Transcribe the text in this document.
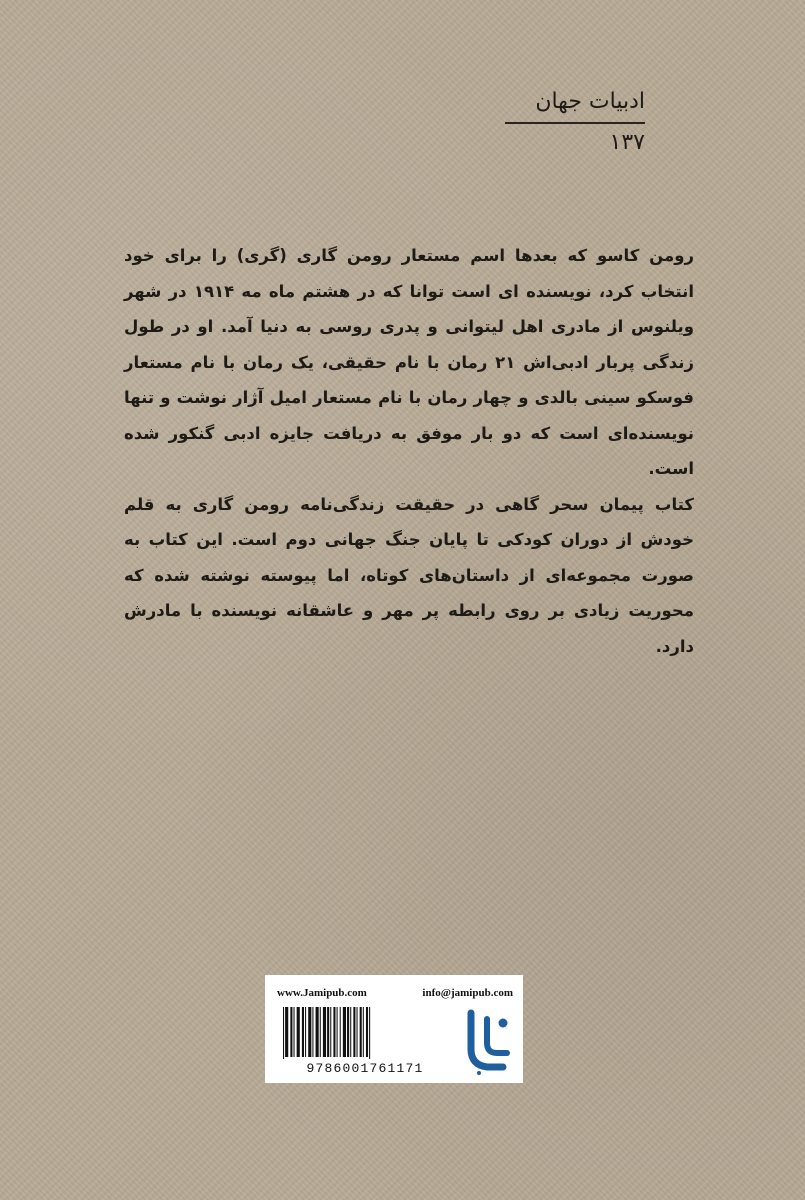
ادبیات جهان
۱۳۷

رومن کاسو که بعدها اسم مستعار رومن گاری (گری) را برای خود انتخاب کرد، نویسنده ای است توانا که در هشتم ماه مه ۱۹۱۴ در شهر ویلنوس از مادری اهل لیتوانی و پدری روسی به دنیا آمد. او در طول زندگی پربار ادبی‌اش ۲۱ رمان با نام حقیقی، یک رمان با نام مستعار فوسکو سینی بالدی و چهار رمان با نام مستعار امیل آژار نوشت و تنها نویسنده‌ای است که دو بار موفق به دریافت جایزه ادبی گنکور شده است.

کتاب پیمان سحر گاهی در حقیقت زندگی‌نامه رومن گاری به قلم خودش از دوران کودکی تا پایان جنگ جهانی دوم است. این کتاب به صورت مجموعه‌ای از داستان‌های کوتاه، اما پیوسته نوشته شده که محوریت زیادی بر روی رابطه پر مهر و عاشقانه نویسنده با مادرش دارد.

www.Jamipub.com	info@jamipub.com
9786001761171
